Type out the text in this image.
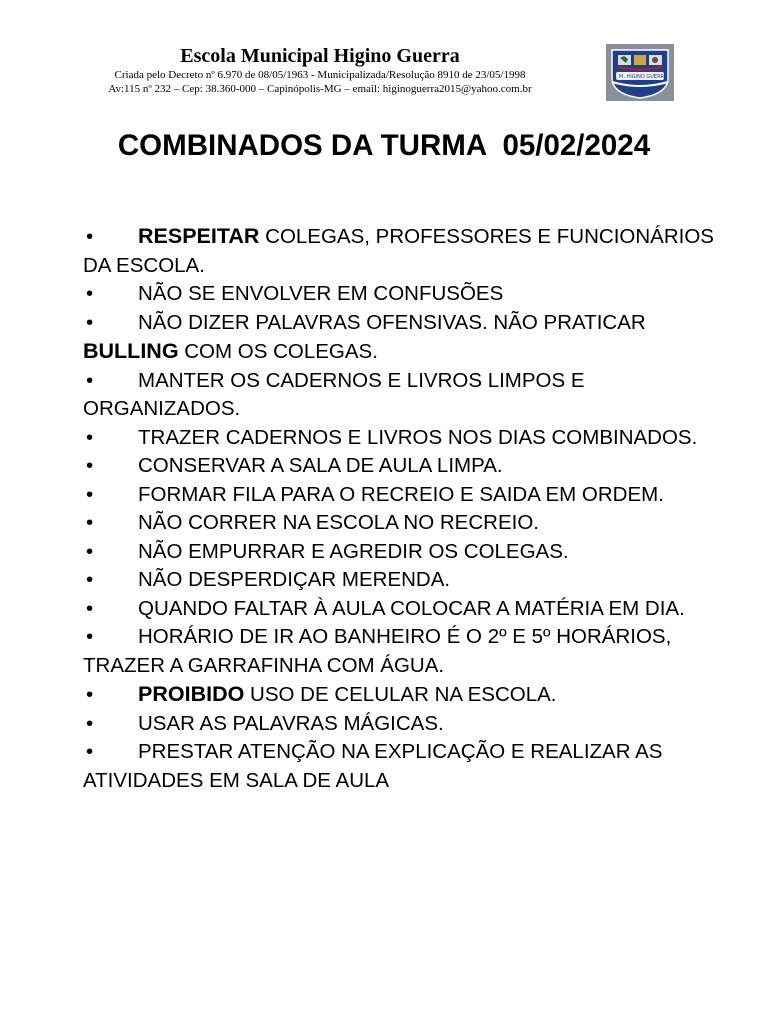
Escola Municipal Higino Guerra
Criada pelo Decreto nº 6.970 de 08/05/1963 - Municipalizada/Resolução 8910 de 23/05/1998
Av:115 nº 232 – Cep: 38.360-000 – Capinópolis-MG – email: higinoguerra2015@yahoo.com.br
E. M. HIGINO GUERRA
COMBINADOS DA TURMA 05/02/2024
• RESPEITAR COLEGAS, PROFESSORES E FUNCIONÁRIOS DA ESCOLA.
• NÃO SE ENVOLVER EM CONFUSÕES
• NÃO DIZER PALAVRAS OFENSIVAS. NÃO PRATICAR BULLING COM OS COLEGAS.
• MANTER OS CADERNOS E LIVROS LIMPOS E ORGANIZADOS.
• TRAZER CADERNOS E LIVROS NOS DIAS COMBINADOS.
• CONSERVAR A SALA DE AULA LIMPA.
• FORMAR FILA PARA O RECREIO E SAIDA EM ORDEM.
• NÃO CORRER NA ESCOLA NO RECREIO.
• NÃO EMPURRAR E AGREDIR OS COLEGAS.
• NÃO DESPERDIÇAR MERENDA.
• QUANDO FALTAR À AULA COLOCAR A MATÉRIA EM DIA.
• HORÁRIO DE IR AO BANHEIRO É O 2º E 5º HORÁRIOS, TRAZER A GARRAFINHA COM ÁGUA.
• PROIBIDO USO DE CELULAR NA ESCOLA.
• USAR AS PALAVRAS MÁGICAS.
• PRESTAR ATENÇÃO NA EXPLICAÇÃO E REALIZAR AS ATIVIDADES EM SALA DE AULA
